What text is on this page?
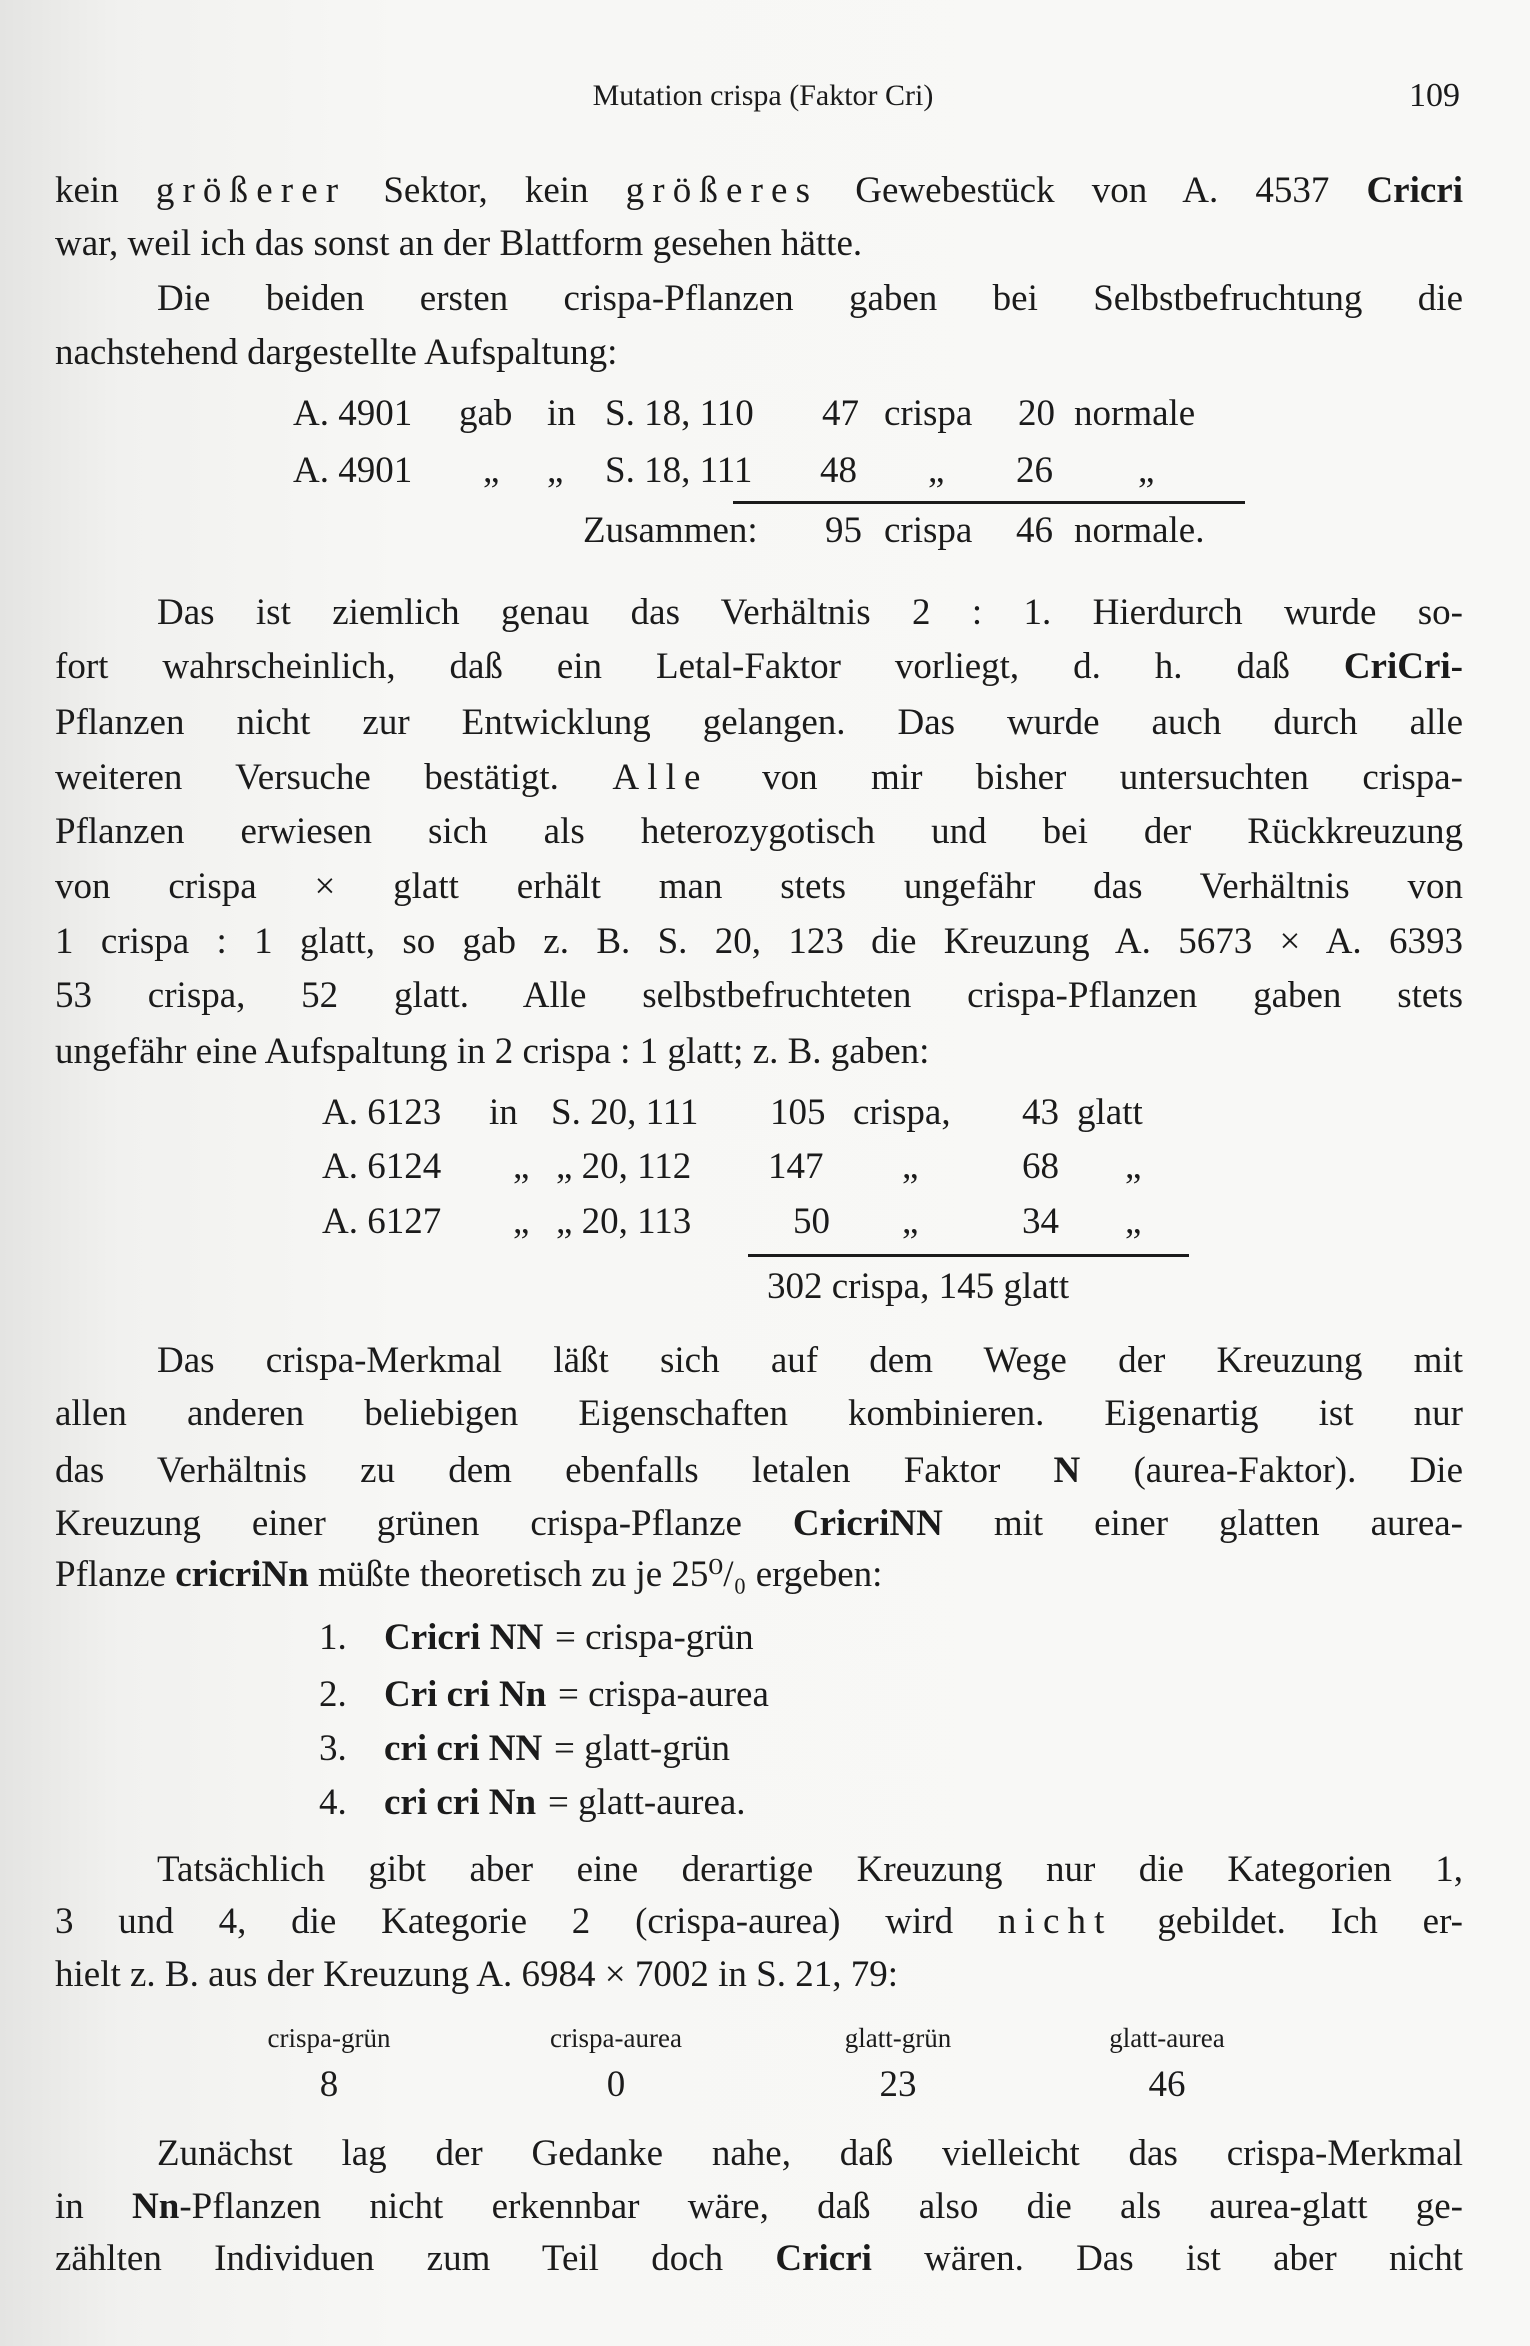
Mutation crispa (Faktor Cri)	109
kein größerer Sektor, kein größeres Gewebestück von A. 4537 Cricri
war, weil ich das sonst an der Blattform gesehen hätte.
Die beiden ersten crispa-Pflanzen gaben bei Selbstbefruchtung die
nachstehend dargestellte Aufspaltung:
Das ist ziemlich genau das Verhältnis 2 : 1. Hierdurch wurde so-
fort wahrscheinlich, daß ein Letal-Faktor vorliegt, d. h. daß CriCri-
Pflanzen nicht zur Entwicklung gelangen. Das wurde auch durch alle
weiteren Versuche bestätigt. Alle von mir bisher untersuchten crispa-
Pflanzen erwiesen sich als heterozygotisch und bei der Rückkreuzung
von crispa × glatt erhält man stets ungefähr das Verhältnis von
1 crispa : 1 glatt, so gab z. B. S. 20, 123 die Kreuzung A. 5673 × A. 6393
53 crispa, 52 glatt. Alle selbstbefruchteten crispa-Pflanzen gaben stets
ungefähr eine Aufspaltung in 2 crispa : 1 glatt; z. B. gaben:
Das crispa-Merkmal läßt sich auf dem Wege der Kreuzung mit
allen anderen beliebigen Eigenschaften kombinieren. Eigenartig ist nur
das Verhältnis zu dem ebenfalls letalen Faktor N (aurea-Faktor). Die
Kreuzung einer grünen crispa-Pflanze CricriNN mit einer glatten aurea-
Pflanze cricriNn müßte theoretisch zu je 25⁰/₀ ergeben:
Tatsächlich gibt aber eine derartige Kreuzung nur die Kategorien 1,
3 und 4, die Kategorie 2 (crispa-aurea) wird nicht gebildet. Ich er-
hielt z. B. aus der Kreuzung A. 6984 × 7002 in S. 21, 79:
Zunächst lag der Gedanke nahe, daß vielleicht das crispa-Merkmal
in Nn-Pflanzen nicht erkennbar wäre, daß also die als aurea-glatt ge-
zählten Individuen zum Teil doch Cricri wären. Das ist aber nicht
A. 4901 gab in S. 18, 110 47 crispa 20 normale
A. 4901 „ „ S. 18, 111 48 „ 26 „
Zusammen: 95 crispa 46 normale.
A. 6123 in S. 20, 111 105 crispa, 43 glatt
A. 6124 „ „ 20, 112 147 „	68 „
A. 6127 „ „ 20, 113	50 „	34 „
302 crispa, 145 glatt
1. Cricri NN = crispa-grün
2. Cri cri Nn = crispa-aurea
3. cri cri NN = glatt-grün
4. cri cri Nn = glatt-aurea.
crispa-grün	crispa-aurea	glatt-grün	glatt-aurea
8	0	23	46
